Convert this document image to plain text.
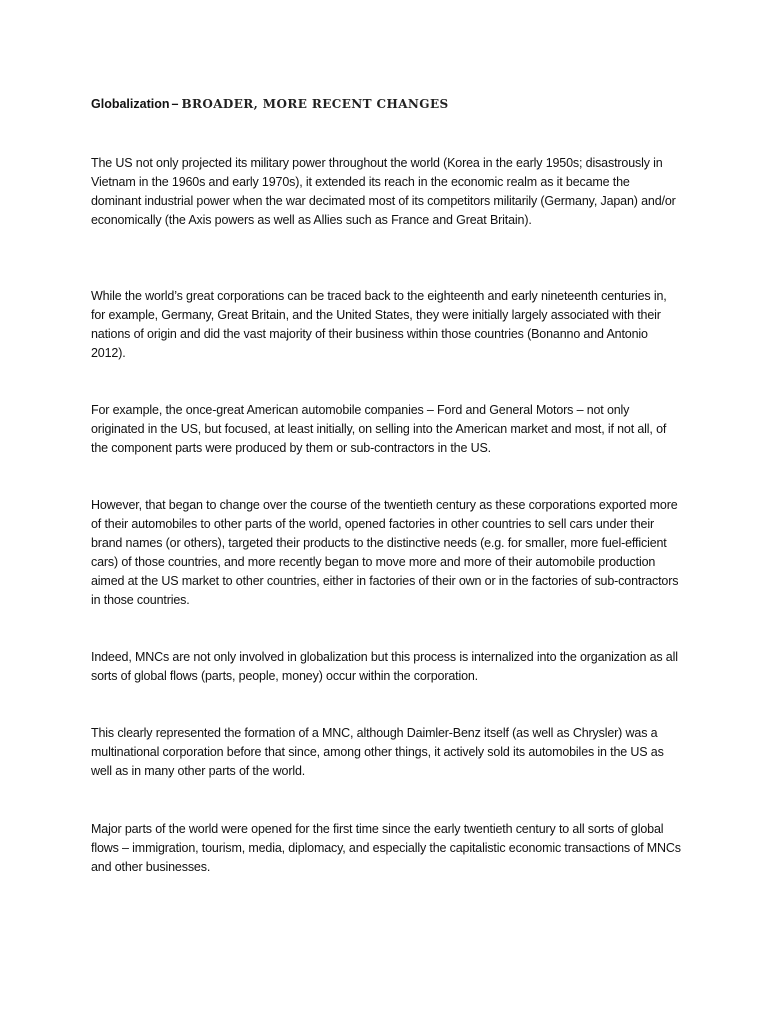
Globalization – BROADER, MORE RECENT CHANGES

The US not only projected its military power throughout the world (Korea in the early 1950s; disastrously in Vietnam in the 1960s and early 1970s), it extended its reach in the economic realm as it became the dominant industrial power when the war decimated most of its competitors militarily (Germany, Japan) and/or economically (the Axis powers as well as Allies such as France and Great Britain).

While the world’s great corporations can be traced back to the eighteenth and early nineteenth centuries in, for example, Germany, Great Britain, and the United States, they were initially largely associated with their nations of origin and did the vast majority of their business within those countries (Bonanno and Antonio 2012).

For example, the once-great American automobile companies – Ford and General Motors – not only originated in the US, but focused, at least initially, on selling into the American market and most, if not all, of the component parts were produced by them or sub-contractors in the US.

However, that began to change over the course of the twentieth century as these corporations exported more of their automobiles to other parts of the world, opened factories in other countries to sell cars under their brand names (or others), targeted their products to the distinctive needs (e.g. for smaller, more fuel-efficient cars) of those countries, and more recently began to move more and more of their automobile production aimed at the US market to other countries, either in factories of their own or in the factories of sub-contractors in those countries.

Indeed, MNCs are not only involved in globalization but this process is internalized into the organization as all sorts of global flows (parts, people, money) occur within the corporation.

This clearly represented the formation of a MNC, although Daimler-Benz itself (as well as Chrysler) was a multinational corporation before that since, among other things, it actively sold its automobiles in the US as well as in many other parts of the world.

Major parts of the world were opened for the first time since the early twentieth century to all sorts of global flows – immigration, tourism, media, diplomacy, and especially the capitalistic economic transactions of MNCs and other businesses.
